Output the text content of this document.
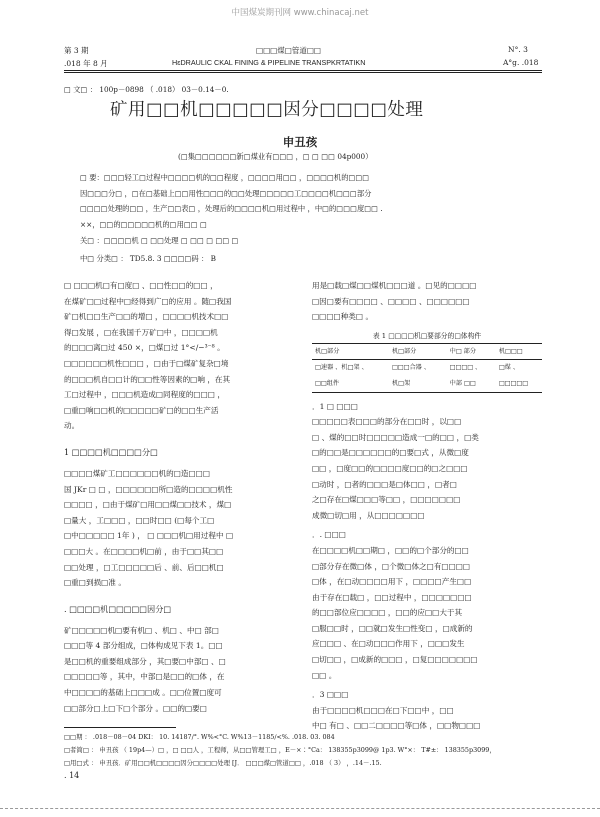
中国煤炭期刊网 www.chinacaj.net
第 3 期
.018 年 8 月
□□□煤□管道□□
HɛDRAULIC CKAL FINING & PIPELINE TRANSPKRTATIKN
N°. 3
A°g. .018
□ 文□ ： 100p－0898 （ .018） 03－0.14－0.
矿用□□机□□□□□因分□□□□处理
申丑孩
(□集□□□□□□新□煤业有□□□ ，□ □ □□ 04p000）
□ 要：□□□轻工□过程中□□□□机的□□程度 ，□□□□用□□ ，□□□□机的□□□
因□□□分□ ，□在□基础上□□用性□□□的□□处理□□□□□工□□□□机□□□部分
□□□□处理的□□ ，生产□□表□ ，处理后的□□□□机□用过程中 ，中□的□□□度□□ .
××，□□的□□□□□机的□用□□ □
关□ ：□□□□机 □ □□处理 □ □□ □ □□ □
中□ 分类□ ： TD5.8. 3 □□□□码 ： B
□ □□□机□有□度□ 、□□性□□的□□ ，
在煤矿□□过程中□经得到广□的应用 。随□我国
矿□机□□生产□□的增□ ，□□□□机技术□□
得□发展 ，□在我国千万矿□中 ，□□□□机
的□□□离□过 450 ×，□煤□过 1°<∕−³⁻⁸ 。
□□□□□□机性□□□ ，□由于□煤矿复杂□境
的□□□机自□□计的□□性等因素的□响 ，在其
工□过程中 ，□□□机造成□同程度的□□□ ，
□重□响□□机的□□□□□矿□的□□生产活
动。
1 □□□□机□□□□分□
□□□□煤矿工□□□□□□机的□造□□□
国 JKr □ □ ，□□□□□□所□造的□□□□机性
□□□□ ，□由于煤矿□用□□煤□□技术 ，煤□
□量大 ，工□□□ ，□□时□□ (□每个工□
□中□□□□□ 1年 ) ， □ □□□机□用过程中 □
□□□大 。在□□□□机□前 ，由于□□其□□
□□处理 ，□工□□□□□后 、前、后□□机□
□重□到损□准 。
. □□□□机□□□□□因分□
矿□□□□□机□要有机□ 、机□ 、中□ 部□
□□□等 4 部分组成，□体构成见下表 1。□□
是□□机的重要组成部分 ，其□要□中部□ 、□
□□□□□等 ，其中，中部□是□□的□体 ，在
中□□□□的基础上□□□成 。□□位置□度可
□□部分□上□下□个部分 。□□的□要□
用是□载□煤□□煤机□□□道 。□见的□□□□
□因□要有□□□□ 、□□□□ 、□□□□□□
□□□□种类□ 。
表 1 □□□□机□要部分的□体构件
机□部分	机□部分	中□ 部分	机□□□
□速器 、机□架 、	□□□合器 、	□□□□ 、	□煤 、
□□组件	机□架	中部 □□	□□□□□
．1 □ □□□
□□□□□表□□□的部分在□□时 ，以□□
□ 、煤的□□时□□□□□造成一□的□□ ，□类
□的□□是□□□□□□的□要□式 ，从微□度
□□ ，□度□□的□□□□度□□的□之□□□
□动时 ，□者的□□□是□体□□ ，□者□
之□存在□煤□□□等□□ ，□□□□□□□
成微□切□用 ，从□□□□□□□
．. □□□
在□□□□机□□期□ ，□□的□个部分的□□
□部分存在微□体 ，□个微□体之□有□□□□
□体 ，在□动□□□□用下 ，□□□□产生□□
由于存在□载□ ，□□过程中 ，□□□□□□□
的□□部位应□□□□ ，□□的应□□大于其
□服□□时 ，□□就□发生□性变□ ，□成新的
应□□□ 、在□动□□□作用下 ，□□□发生
□切□□ ，□成新的□□□ ，□复□□□□□□□
□□ 。
．3 □□□
由于□□□□机□□□在□下□□中 ，□□
中□ 有□ 、□□二□□□□等□体 ，□□物□□□
□□期 ： .018－08－04 DKI： 10. 14187∕°. W%<°C. W%13－1185∕<%. .018. 03. 084
□者简□ ： 申丑孩 （ 19p4—）□ ，□ □□人 ，工程师，从□□管理工□ ，E－×∶°Ca： 138355p3099@ 1p3. W°×： T#±： 138355p3099，
□用□式 ： 申丑孩．矿用□□机□□□□因分□□□□处理 [J． □□□煤□管道□□ ，.018 （ 3） ，.14－.15.
. 14
